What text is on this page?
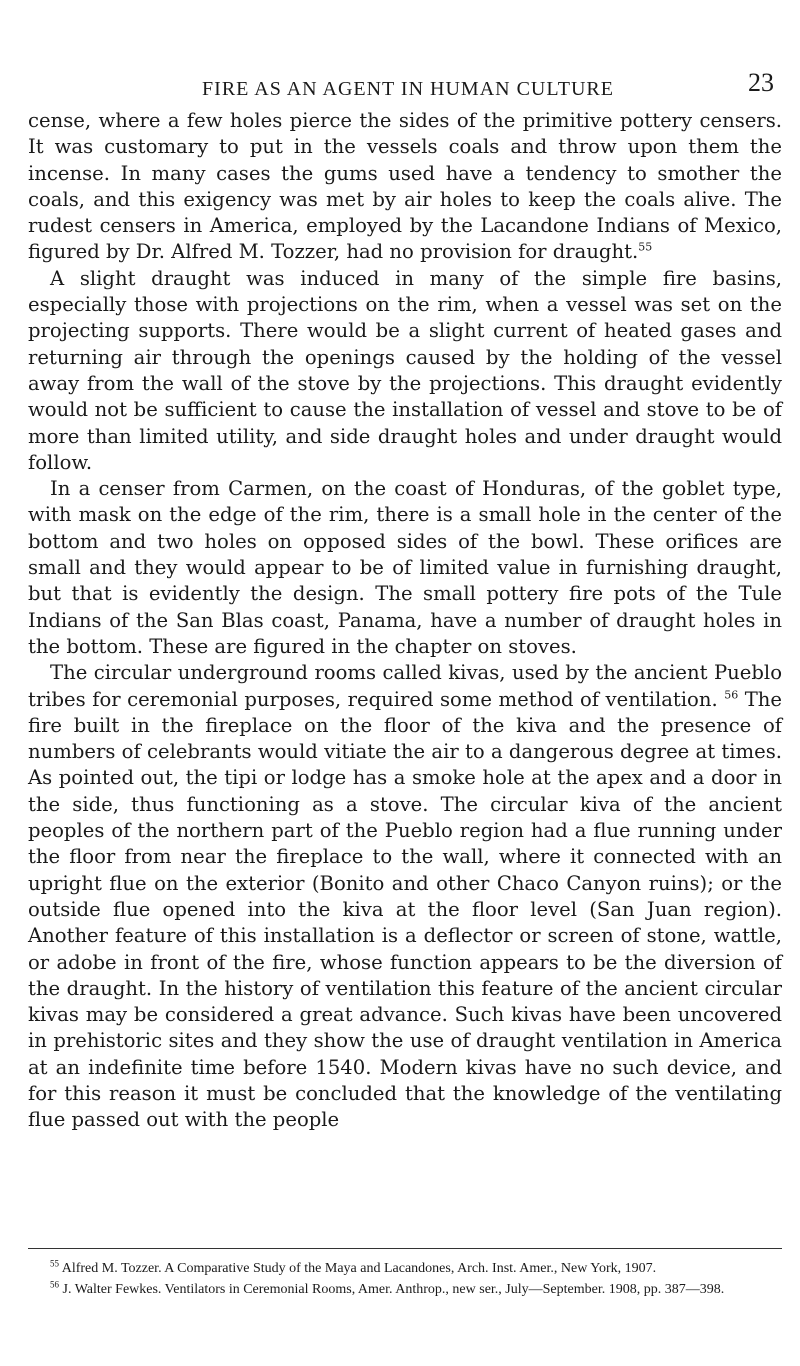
FIRE AS AN AGENT IN HUMAN CULTURE	23

cense, where a few holes pierce the sides of the primitive pottery censers. It was customary to put in the vessels coals and throw upon them the incense. In many cases the gums used have a tendency to smother the coals, and this exigency was met by air holes to keep the coals alive. The rudest censers in America, employed by the Lacandone Indians of Mexico, figured by Dr. Alfred M. Tozzer, had no provision for draught.$^{55}$

A slight draught was induced in many of the simple fire basins, especially those with projections on the rim, when a vessel was set on the projecting supports. There would be a slight current of heated gases and returning air through the openings caused by the holding of the vessel away from the wall of the stove by the projections. This draught evidently would not be sufficient to cause the installation of vessel and stove to be of more than limited utility, and side draught holes and under draught would follow.

In a censer from Carmen, on the coast of Honduras, of the goblet type, with mask on the edge of the rim, there is a small hole in the center of the bottom and two holes on opposed sides of the bowl. These orifices are small and they would appear to be of limited value in furnishing draught, but that is evidently the design. The small pottery fire pots of the Tule Indians of the San Blas coast, Panama, have a number of draught holes in the bottom. These are figured in the chapter on stoves.

The circular underground rooms called kivas, used by the ancient Pueblo tribes for ceremonial purposes, required some method of ventilation. $^{56}$ The fire built in the fireplace on the floor of the kiva and the presence of numbers of celebrants would vitiate the air to a dangerous degree at times. As pointed out, the tipi or lodge has a smoke hole at the apex and a door in the side, thus functioning as a stove. The circular kiva of the ancient peoples of the northern part of the Pueblo region had a flue running under the floor from near the fireplace to the wall, where it connected with an upright flue on the exterior (Bonito and other Chaco Canyon ruins); or the outside flue opened into the kiva at the floor level (San Juan region). Another feature of this installation is a deflector or screen of stone, wattle, or adobe in front of the fire, whose function appears to be the diversion of the draught. In the history of ventilation this feature of the ancient circular kivas may be considered a great advance. Such kivas have been uncovered in prehistoric sites and they show the use of draught ventilation in America at an indefinite time before 1540. Modern kivas have no such device, and for this reason it must be concluded that the knowledge of the ventilating flue passed out with the people

$^{55}$ Alfred M. Tozzer. A Comparative Study of the Maya and Lacandones, Arch. Inst. Amer., New York, 1907.

$^{56}$ J. Walter Fewkes. Ventilators in Ceremonial Rooms, Amer. Anthrop., new ser., July—September. 1908, pp. 387—398.
